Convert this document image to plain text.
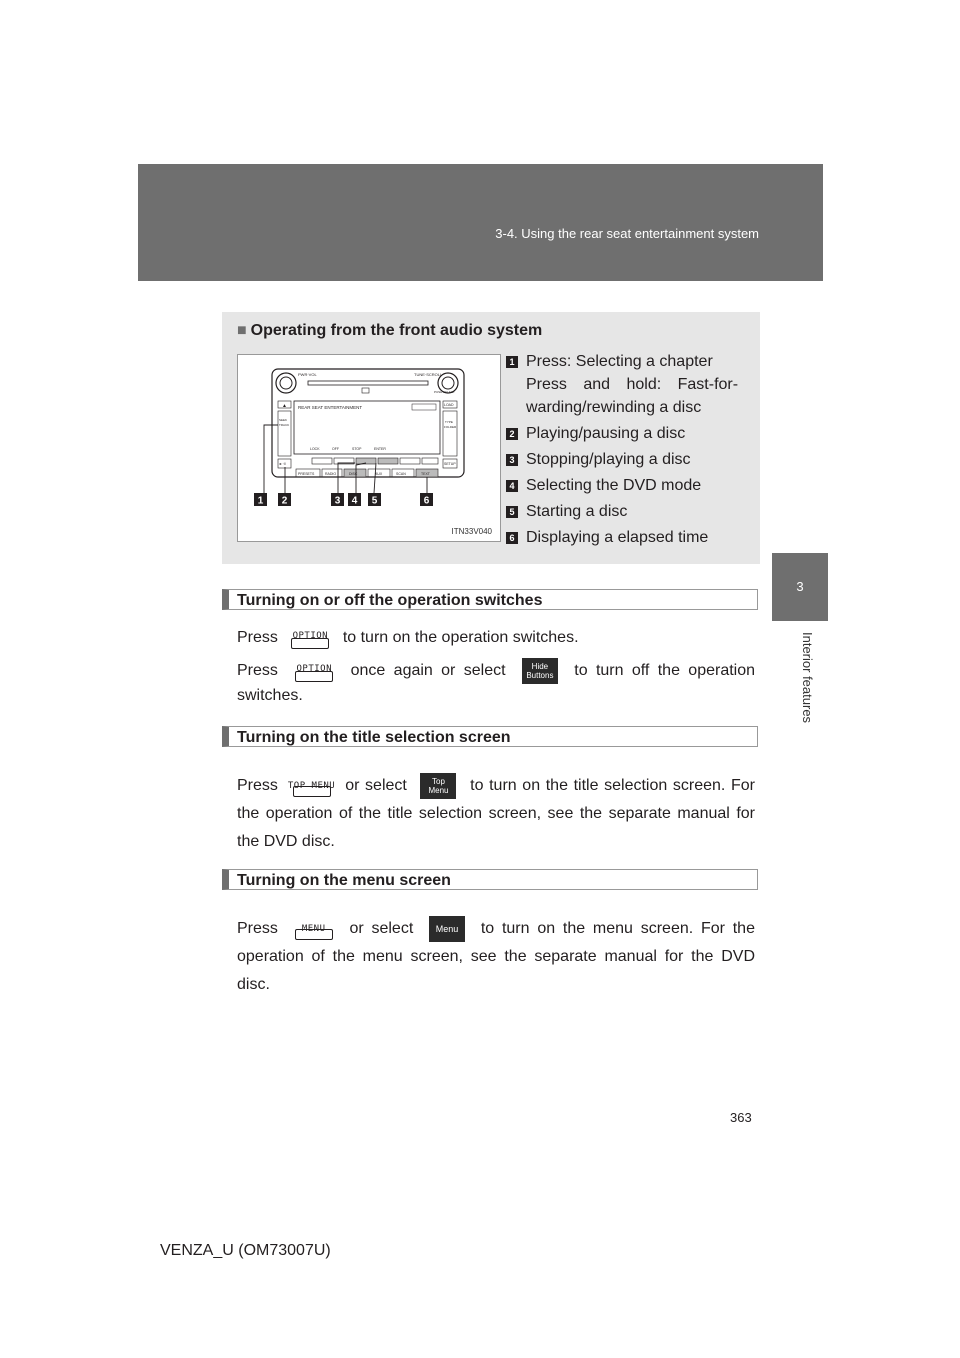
3-4. Using the rear seat entertainment system
3
Interior features
■ Operating from the front audio system
PWR·VOL	TUNE·SCROLL
PUSH SELECT
▲
SEEK
TRACK
►·II
REAR SEAT ENTERTAINMENT
LOCK	OFF	STOP	ENTER
LOAD
TYPE
FOLDER
SETUP
PRESETS	RADIO	DISC	AUX	SCAN	TEXT
1 2	3 4 5	6
ITN33V040
1 Press: Selecting a chapter
Press and hold: Fast-for-
warding/rewinding a disc
2 Playing/pausing a disc
3 Stopping/playing a disc
4 Selecting the DVD mode
5 Starting a disc
6 Displaying a elapsed time
Turning on or off the operation switches
Press	OPTION to turn on the operation switches.
Press	OPTION	once again or select	Hide
Buttons to turn off the operation switches.
Turning on the title selection screen
Press TOP MENU or select	Top
Menu to turn on the title selection screen. For the operation of the title selection screen, see the separate manual for the DVD disc.
Turning on the menu screen
Press	MENU	or select	Menu to turn on the menu screen. For the operation of the menu screen, see the separate manual for the DVD disc.
363
VENZA_U (OM73007U)
